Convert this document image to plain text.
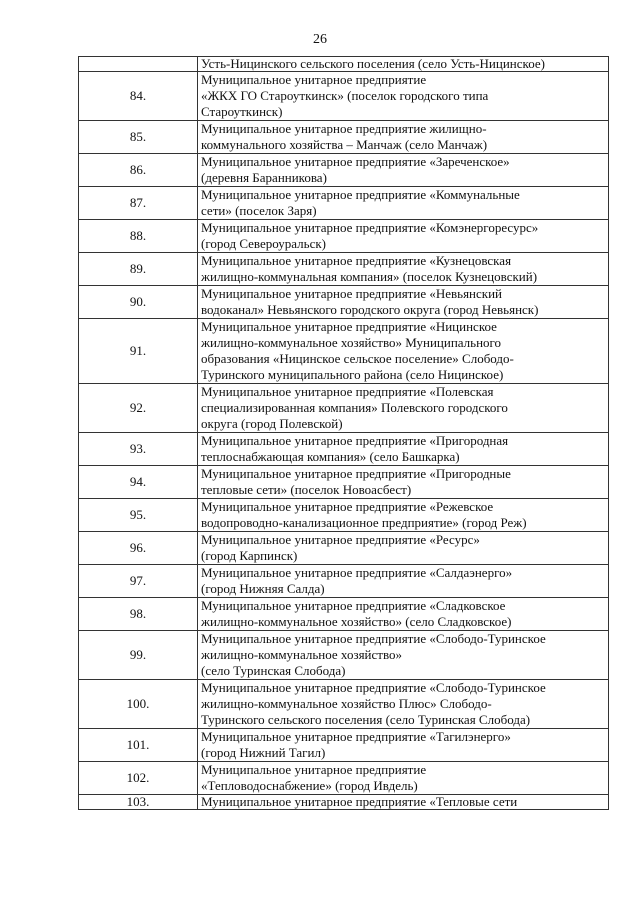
26
	Усть-Ницинского сельского поселения (село Усть-Ницинское)
84.	Муниципальное унитарное предприятие
«ЖКХ ГО Староуткинск» (поселок городского типа
Староуткинск)
85.	Муниципальное унитарное предприятие жилищно-
коммунального хозяйства – Манчаж (село Манчаж)
86.	Муниципальное унитарное предприятие «Зареченское»
(деревня Баранникова)
87.	Муниципальное унитарное предприятие «Коммунальные
сети» (поселок Заря)
88.	Муниципальное унитарное предприятие «Комэнергоресурс»
(город Североуральск)
89.	Муниципальное унитарное предприятие «Кузнецовская
жилищно-коммунальная компания» (поселок Кузнецовский)
90.	Муниципальное унитарное предприятие «Невьянский
водоканал» Невьянского городского округа (город Невьянск)
91.	Муниципальное унитарное предприятие «Ницинское
жилищно-коммунальное хозяйство» Муниципального
образования «Ницинское сельское поселение» Слободо-
Туринского муниципального района (село Ницинское)
92.	Муниципальное унитарное предприятие «Полевская
специализированная компания» Полевского городского
округа (город Полевской)
93.	Муниципальное унитарное предприятие «Пригородная
теплоснабжающая компания» (село Башкарка)
94.	Муниципальное унитарное предприятие «Пригородные
тепловые сети» (поселок Новоасбест)
95.	Муниципальное унитарное предприятие «Режевское
водопроводно-канализационное предприятие» (город Реж)
96.	Муниципальное унитарное предприятие «Ресурс»
(город Карпинск)
97.	Муниципальное унитарное предприятие «Салдаэнерго»
(город Нижняя Салда)
98.	Муниципальное унитарное предприятие «Сладковское
жилищно-коммунальное хозяйство» (село Сладковское)
99.	Муниципальное унитарное предприятие «Слободо-Туринское
жилищно-коммунальное хозяйство»
(село Туринская Слобода)
100.	Муниципальное унитарное предприятие «Слободо-Туринское
жилищно-коммунальное хозяйство Плюс» Слободо-
Туринского сельского поселения (село Туринская Слобода)
101.	Муниципальное унитарное предприятие «Тагилэнерго»
(город Нижний Тагил)
102.	Муниципальное унитарное предприятие
«Тепловодоснабжение» (город Ивдель)
103.	Муниципальное унитарное предприятие «Тепловые сети
